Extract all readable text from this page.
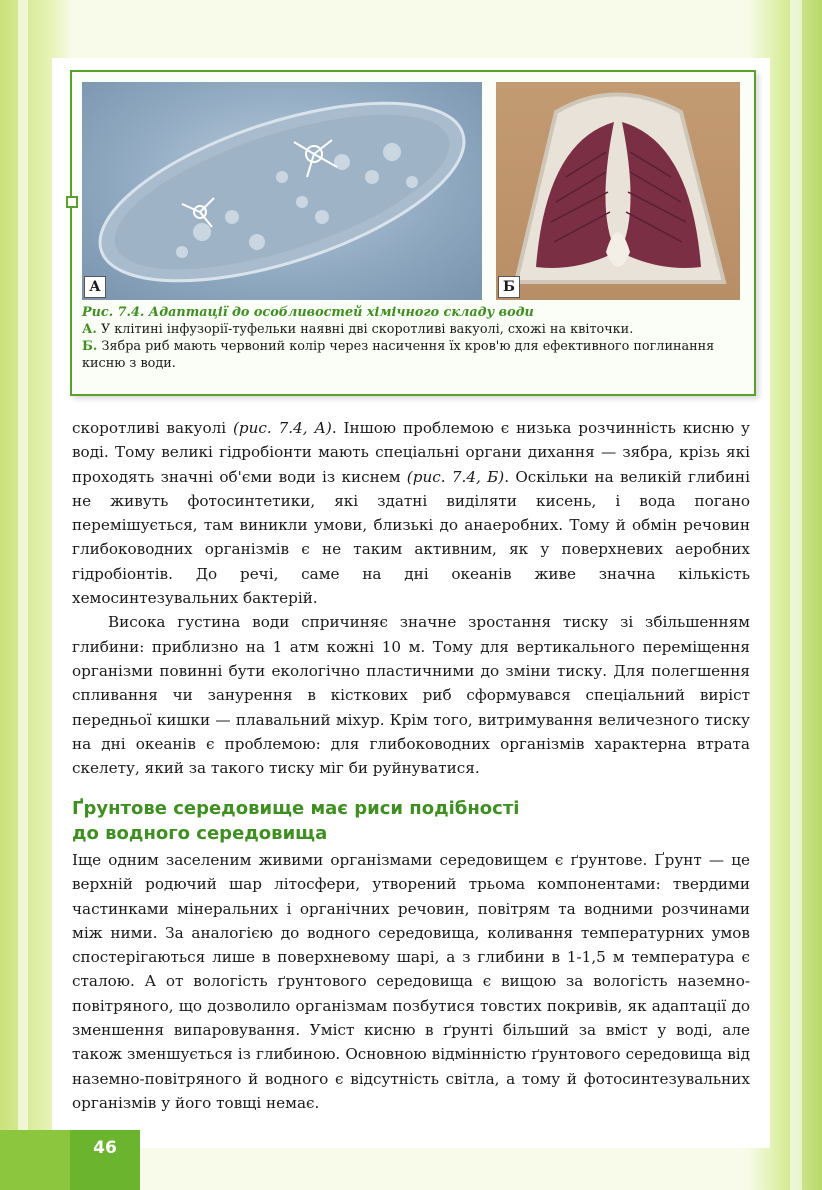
А	Б
Рис. 7.4. Адаптації до особливостей хімічного складу води
А. У клітині інфузорії-туфельки наявні дві скоротливі вакуолі, схожі на квіточки.
Б. Зябра риб мають червоний колір через насичення їх кров'ю для ефективного поглинання кисню з води.

скоротливі вакуолі (рис. 7.4, А). Іншою проблемою є низька розчинність кисню у воді. Тому великі гідробіонти мають спеціальні органи дихання — зябра, крізь які проходять значні об'єми води із киснем (рис. 7.4, Б). Оскільки на великій глибині не живуть фотосинтетики, які здатні виділяти кисень, і вода погано перемішується, там виникли умови, близькі до анаеробних. Тому й обмін речовин глибоководних організмів є не таким активним, як у поверхневих аеробних гідробіонтів. До речі, саме на дні океанів живе значна кількість хемосинтезувальних бактерій.

Висока густина води спричиняє значне зростання тиску зі збільшенням глибини: приблизно на 1 атм кожні 10 м. Тому для вертикального переміщення організми повинні бути екологічно пластичними до зміни тиску. Для полегшення спливання чи занурення в кісткових риб сформувався спеціальний виріст передньої кишки — плавальний міхур. Крім того, витримування величезного тиску на дні океанів є проблемою: для глибоководних організмів характерна втрата скелету, який за такого тиску міг би руйнуватися.

Ґрунтове середовище має риси подібності
до водного середовища

Іще одним заселеним живими організмами середовищем є ґрунтове. Ґрунт — це верхній родючий шар літосфери, утворений трьома компонентами: твердими частинками мінеральних і органічних речовин, повітрям та водними розчинами між ними. За аналогією до водного середовища, коливання температурних умов спостерігаються лише в поверхневому шарі, а з глибини в 1-1,5 м температура є сталою. А от вологість ґрунтового середовища є вищою за вологість наземно-повітряного, що дозволило організмам позбутися товстих покривів, як адаптації до зменшення випаровування. Уміст кисню в ґрунті більший за вміст у воді, але також зменшується із глибиною. Основною відмінністю ґрунтового середовища від наземно-повітряного й водного є відсутність світла, а тому й фотосинтезувальних організмів у його товщі немає.

46
